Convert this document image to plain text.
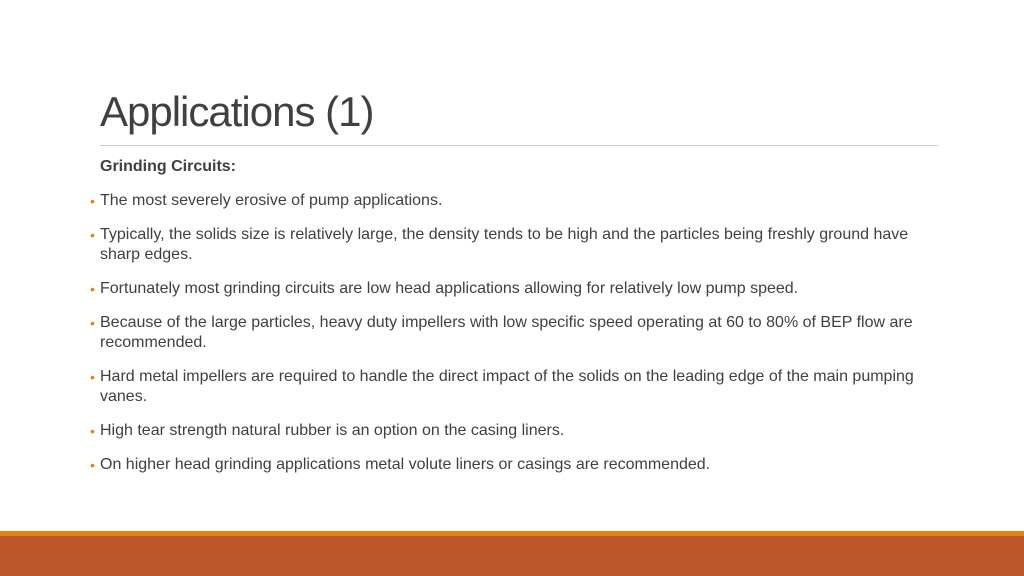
Applications (1)
Grinding Circuits:
• The most severely erosive of pump applications.
• Typically, the solids size is relatively large, the density tends to be high and the particles being freshly ground have sharp edges.
• Fortunately most grinding circuits are low head applications allowing for relatively low pump speed.
• Because of the large particles, heavy duty impellers with low specific speed operating at 60 to 80% of BEP flow are recommended.
• Hard metal impellers are required to handle the direct impact of the solids on the leading edge of the main pumping vanes.
• High tear strength natural rubber is an option on the casing liners.
• On higher head grinding applications metal volute liners or casings are recommended.
